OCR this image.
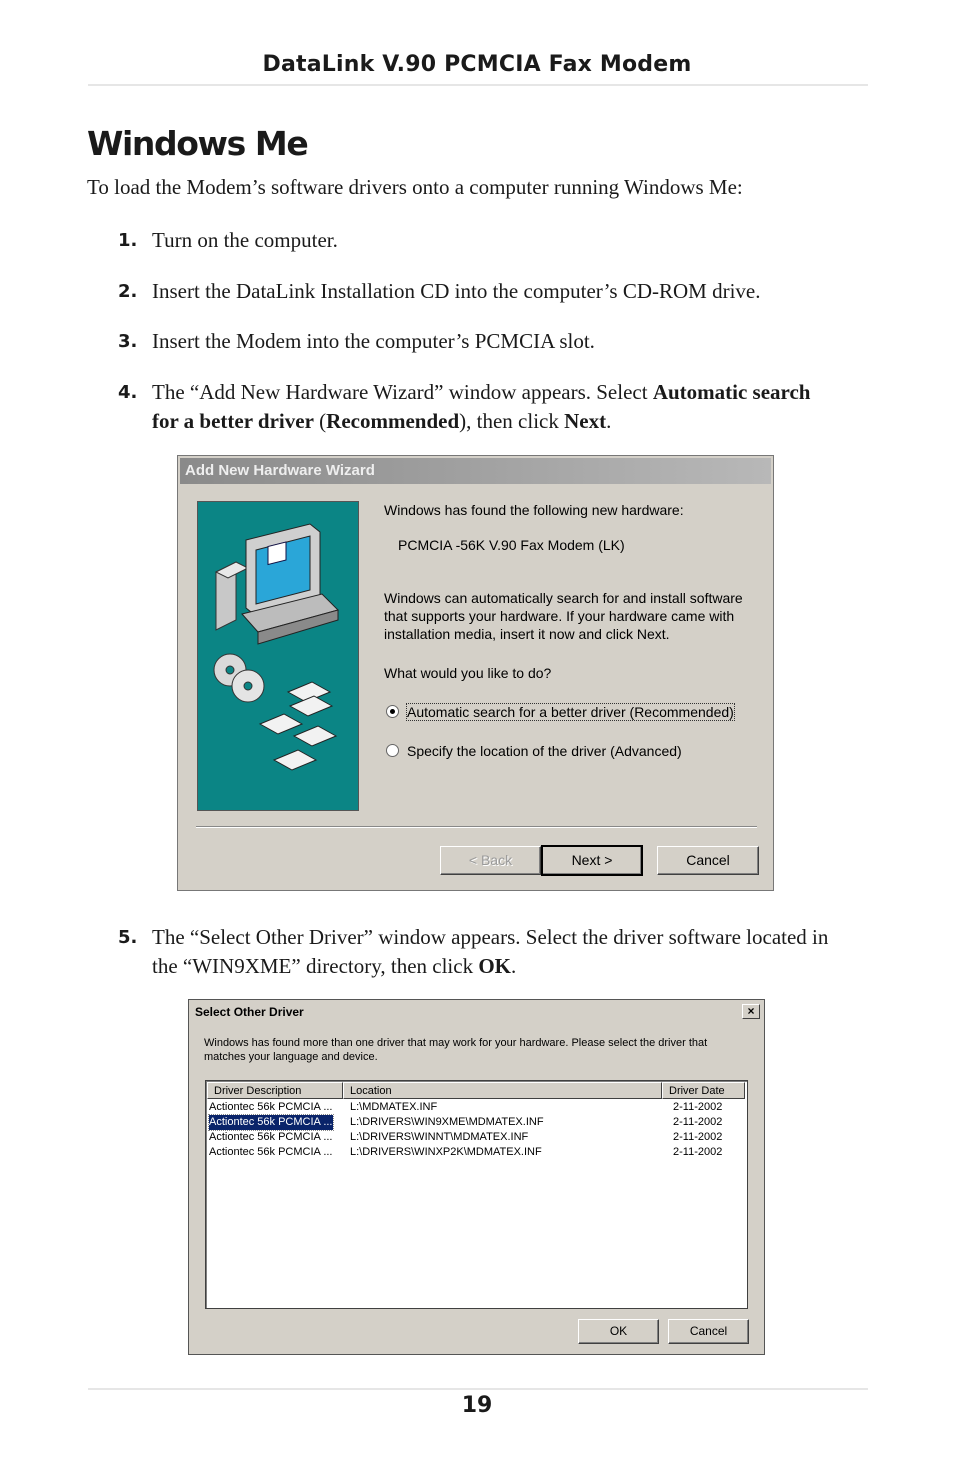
DataLink V.90 PCMCIA Fax Modem
Windows Me
To load the Modem’s software drivers onto a computer running Windows Me:
1. Turn on the computer.
2. Insert the DataLink Installation CD into the computer’s CD-ROM drive.
3. Insert the Modem into the computer’s PCMCIA slot.
4. The “Add New Hardware Wizard” window appears. Select Automatic search for a better driver (Recommended), then click Next.
Add New Hardware Wizard
Windows has found the following new hardware:
PCMCIA -56K V.90 Fax Modem (LK)
Windows can automatically search for and install software
that supports your hardware. If your hardware came with
installation media, insert it now and click Next.
What would you like to do?
Automatic search for a better driver (Recommended)
Specify the location of the driver (Advanced)
< Back	Next >	Cancel
5. The “Select Other Driver” window appears. Select the driver software located in the “WIN9XME” directory, then click OK.
Select Other Driver	×
Windows has found more than one driver that may work for your hardware. Please select the driver that matches your language and device.
Driver Description	Location	Driver Date
Actiontec 56k PCMCIA ... L:\MDMATEX.INF	2-11-2002
Actiontec 56k PCMCIA ... L:\DRIVERS\WIN9XME\MDMATEX.INF	2-11-2002
Actiontec 56k PCMCIA ... L:\DRIVERS\WINNT\MDMATEX.INF	2-11-2002
Actiontec 56k PCMCIA ... L:\DRIVERS\WINXP2K\MDMATEX.INF	2-11-2002
OK	Cancel
19
